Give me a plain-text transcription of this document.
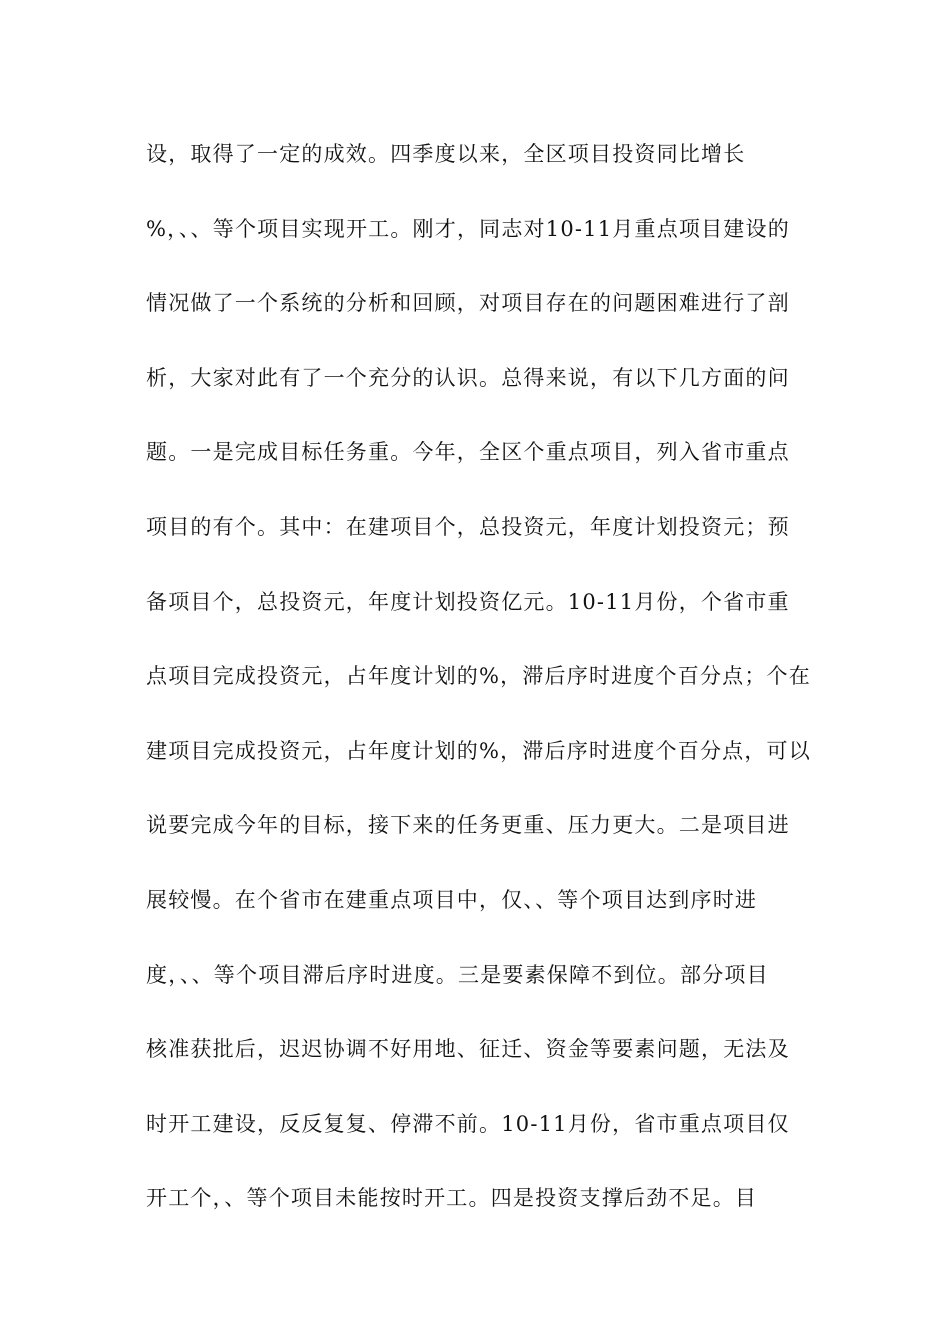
设，取得了一定的成效。四季度以来，全区项目投资同比增长
%，、、等个项目实现开工。刚才，同志对10-11月重点项目建设的
情况做了一个系统的分析和回顾，对项目存在的问题困难进行了剖
析，大家对此有了一个充分的认识。总得来说，有以下几方面的问
题。一是完成目标任务重。今年，全区个重点项目，列入省市重点
项目的有个。其中：在建项目个，总投资元，年度计划投资元；预
备项目个，总投资元，年度计划投资亿元。10-11月份，个省市重
点项目完成投资元，占年度计划的%，滞后序时进度个百分点；个在
建项目完成投资元，占年度计划的%，滞后序时进度个百分点，可以
说要完成今年的目标，接下来的任务更重、压力更大。二是项目进
展较慢。在个省市在建重点项目中，仅、、等个项目达到序时进
度，、、等个项目滞后序时进度。三是要素保障不到位。部分项目
核准获批后，迟迟协调不好用地、征迁、资金等要素问题，无法及
时开工建设，反反复复、停滞不前。10-11月份，省市重点项目仅
开工个，、等个项目未能按时开工。四是投资支撑后劲不足。目
